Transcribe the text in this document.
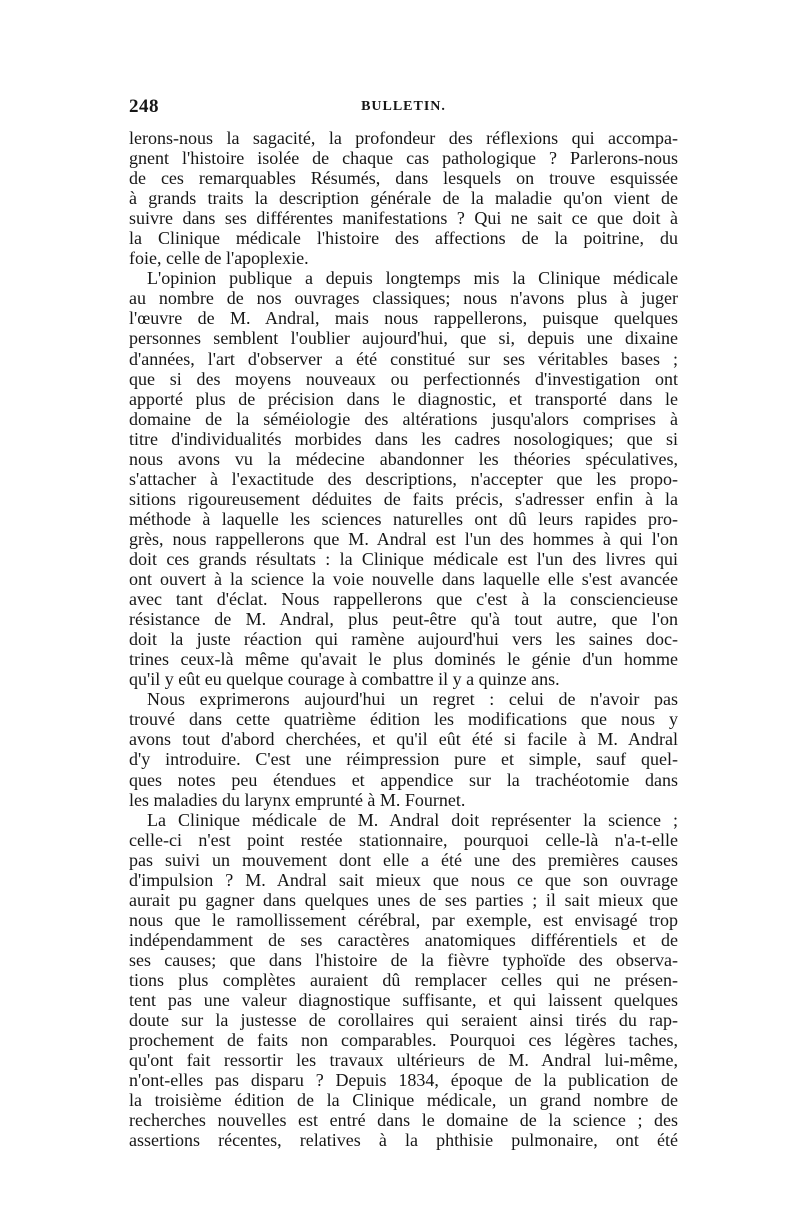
248	BULLETIN.
lerons-nous la sagacité, la profondeur des réflexions qui accompa-
gnent l'histoire isolée de chaque cas pathologique ? Parlerons-nous
de ces remarquables Résumés, dans lesquels on trouve esquissée
à grands traits la description générale de la maladie qu'on vient de
suivre dans ses différentes manifestations ? Qui ne sait ce que doit à
la Clinique médicale l'histoire des affections de la poitrine, du
foie, celle de l'apoplexie.
L'opinion publique a depuis longtemps mis la Clinique médicale
au nombre de nos ouvrages classiques; nous n'avons plus à juger
l'œuvre de M. Andral, mais nous rappellerons, puisque quelques
personnes semblent l'oublier aujourd'hui, que si, depuis une dixaine
d'années, l'art d'observer a été constitué sur ses véritables bases ;
que si des moyens nouveaux ou perfectionnés d'investigation ont
apporté plus de précision dans le diagnostic, et transporté dans le
domaine de la séméiologie des altérations jusqu'alors comprises à
titre d'individualités morbides dans les cadres nosologiques; que si
nous avons vu la médecine abandonner les théories spéculatives,
s'attacher à l'exactitude des descriptions, n'accepter que les propo-
sitions rigoureusement déduites de faits précis, s'adresser enfin à la
méthode à laquelle les sciences naturelles ont dû leurs rapides pro-
grès, nous rappellerons que M. Andral est l'un des hommes à qui l'on
doit ces grands résultats : la Clinique médicale est l'un des livres qui
ont ouvert à la science la voie nouvelle dans laquelle elle s'est avancée
avec tant d'éclat. Nous rappellerons que c'est à la consciencieuse
résistance de M. Andral, plus peut-être qu'à tout autre, que l'on
doit la juste réaction qui ramène aujourd'hui vers les saines doc-
trines ceux-là même qu'avait le plus dominés le génie d'un homme
qu'il y eût eu quelque courage à combattre il y a quinze ans.
Nous exprimerons aujourd'hui un regret : celui de n'avoir pas
trouvé dans cette quatrième édition les modifications que nous y
avons tout d'abord cherchées, et qu'il eût été si facile à M. Andral
d'y introduire. C'est une réimpression pure et simple, sauf quel-
ques notes peu étendues et appendice sur la trachéotomie dans
les maladies du larynx emprunté à M. Fournet.
La Clinique médicale de M. Andral doit représenter la science ;
celle-ci n'est point restée stationnaire, pourquoi celle-là n'a-t-elle
pas suivi un mouvement dont elle a été une des premières causes
d'impulsion ? M. Andral sait mieux que nous ce que son ouvrage
aurait pu gagner dans quelques unes de ses parties ; il sait mieux que
nous que le ramollissement cérébral, par exemple, est envisagé trop
indépendamment de ses caractères anatomiques différentiels et de
ses causes; que dans l'histoire de la fièvre typhoïde des observa-
tions plus complètes auraient dû remplacer celles qui ne présen-
tent pas une valeur diagnostique suffisante, et qui laissent quelques
doute sur la justesse de corollaires qui seraient ainsi tirés du rap-
prochement de faits non comparables. Pourquoi ces légères taches,
qu'ont fait ressortir les travaux ultérieurs de M. Andral lui-même,
n'ont-elles pas disparu ? Depuis 1834, époque de la publication de
la troisième édition de la Clinique médicale, un grand nombre de
recherches nouvelles est entré dans le domaine de la science ; des
assertions récentes, relatives à la phthisie pulmonaire, ont été
